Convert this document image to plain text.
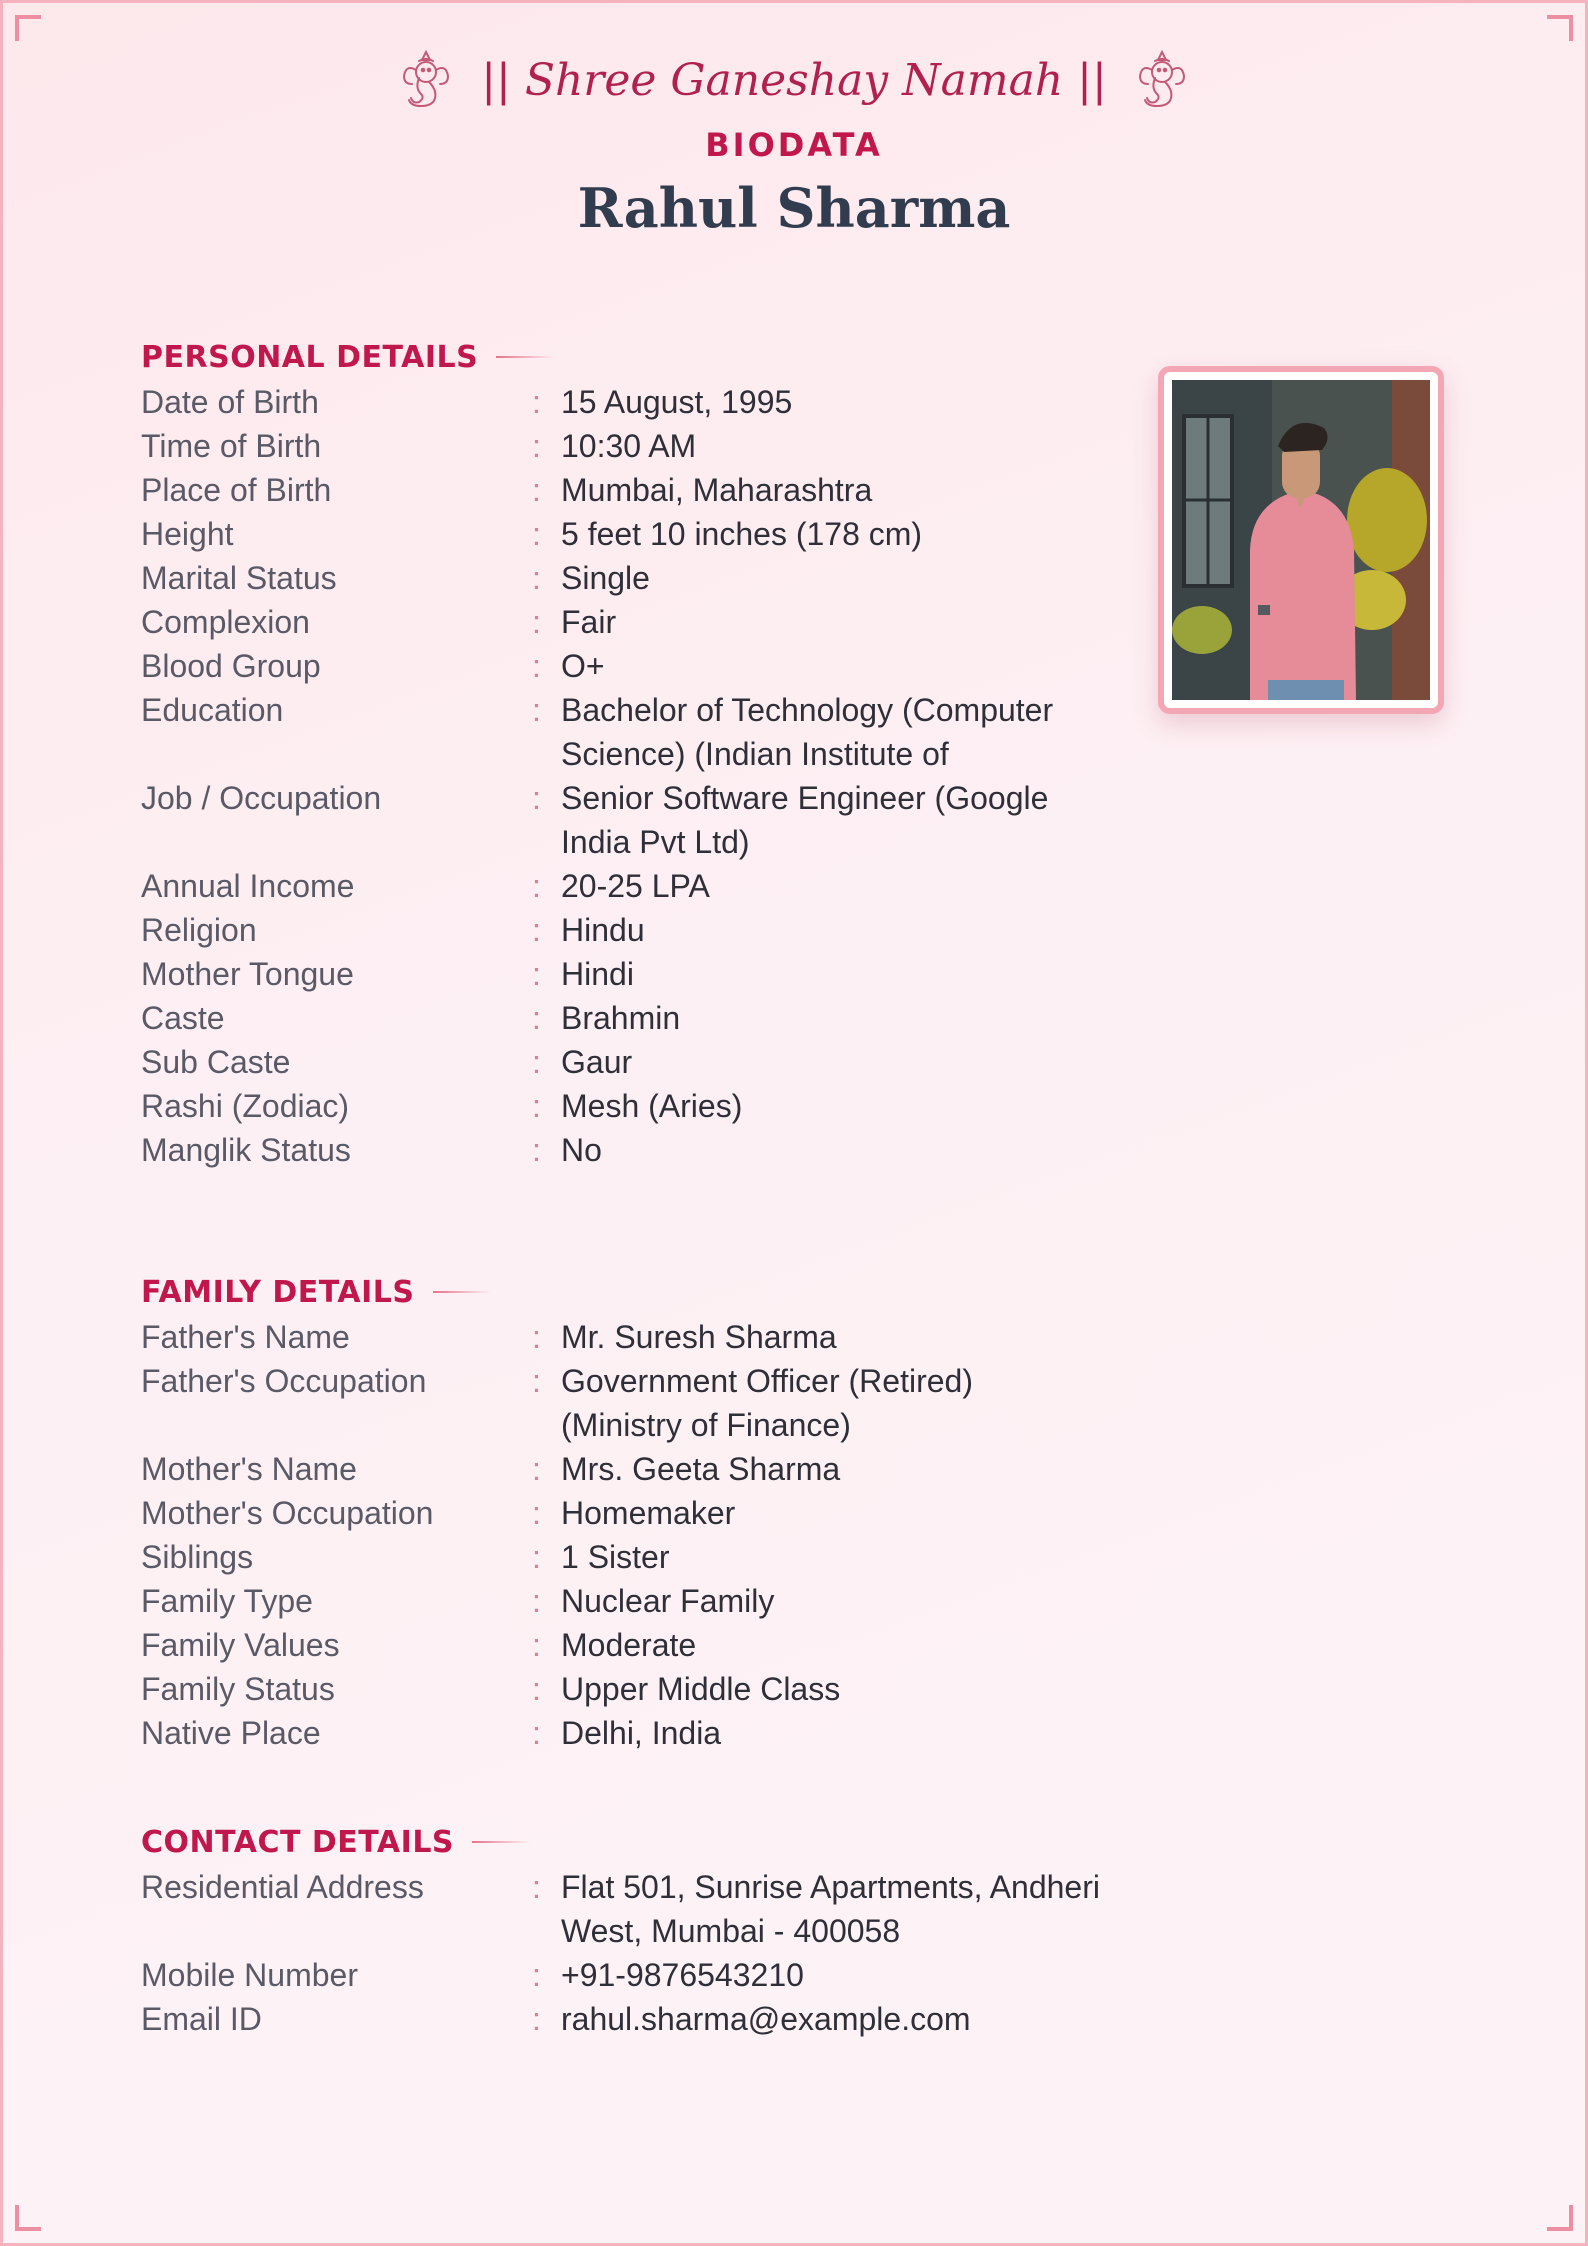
|| Shree Ganeshay Namah ||
BIODATA
Rahul Sharma
PERSONAL DETAILS
Date of Birth	: 15 August, 1995
Time of Birth	: 10:30 AM
Place of Birth	: Mumbai, Maharashtra
Height	: 5 feet 10 inches (178 cm)
Marital Status	: Single
Complexion	: Fair
Blood Group	: O+
Education	: Bachelor of Technology (Computer Science) (Indian Institute of
Job / Occupation	: Senior Software Engineer (Google India Pvt Ltd)
Annual Income	: 20-25 LPA
Religion	: Hindu
Mother Tongue	: Hindi
Caste	: Brahmin
Sub Caste	: Gaur
Rashi (Zodiac)	: Mesh (Aries)
Manglik Status	: No
FAMILY DETAILS
Father's Name	: Mr. Suresh Sharma
Father's Occupation	: Government Officer (Retired) (Ministry of Finance)
Mother's Name	: Mrs. Geeta Sharma
Mother's Occupation	: Homemaker
Siblings	: 1 Sister
Family Type	: Nuclear Family
Family Values	: Moderate
Family Status	: Upper Middle Class
Native Place	: Delhi, India
CONTACT DETAILS
Residential Address	: Flat 501, Sunrise Apartments, Andheri West, Mumbai - 400058
Mobile Number	: +91-9876543210
Email ID	: rahul.sharma@example.com
